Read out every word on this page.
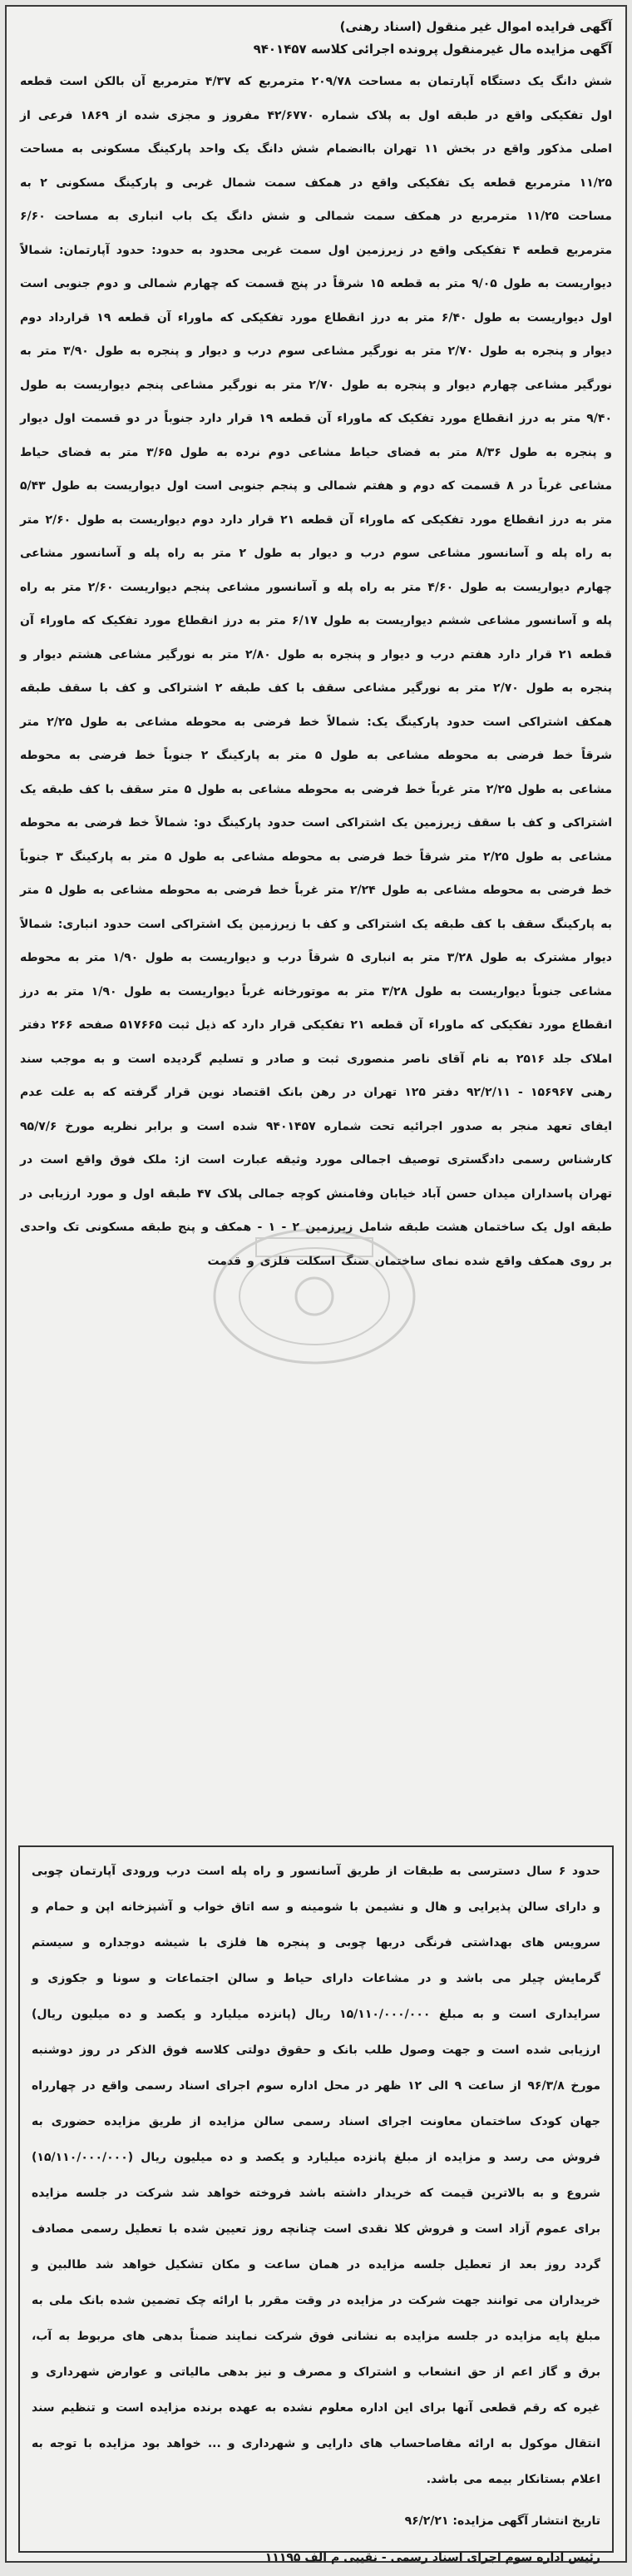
آگهی فرایده اموال غیر منقول (اسناد رهنی)
آگهی مزایده مال غیرمنقول پرونده اجرائی کلاسه ۹۴۰۱۴۵۷
شش دانگ یک دستگاه آپارتمان به مساحت ۲۰۹/۷۸ مترمربع که ۴/۳۷ مترمربع آن بالکن است قطعه اول تفکیکی واقع در طبقه اول به پلاک شماره ۴۲/۶۷۷۰ مفروز و مجزی شده از ۱۸۶۹ فرعی از اصلی مذکور واقع در بخش ۱۱ تهران باانضمام شش دانگ یک واحد پارکینگ مسکونی به مساحت ۱۱/۲۵ مترمربع قطعه یک تفکیکی واقع در همکف سمت شمال غربی و پارکینگ مسکونی ۲ به مساحت ۱۱/۲۵ مترمربع در همکف سمت شمالی و شش دانگ یک باب انباری به مساحت ۶/۶۰ مترمربع قطعه ۴ تفکیکی واقع در زیرزمین اول سمت غربی محدود به حدود: حدود آپارتمان: شمالاً دیواریست به طول ۹/۰۵ متر به قطعه ۱۵ شرقاً در پنج قسمت که چهارم شمالی و دوم جنوبی است اول دیواریست به طول ۶/۴۰ متر به درز انقطاع مورد تفکیکی که ماوراء آن قطعه ۱۹ قرارداد دوم دیوار و پنجره به طول ۲/۷۰ متر به نورگیر مشاعی سوم درب و دیوار و پنجره به طول ۳/۹۰ متر به نورگیر مشاعی چهارم دیوار و پنجره به طول ۲/۷۰ متر به نورگیر مشاعی پنجم دیواریست به طول ۹/۴۰ متر به درز انقطاع مورد تفکیک که ماوراء آن قطعه ۱۹ قرار دارد جنوباً در دو قسمت اول دیوار و پنجره به طول ۸/۳۶ متر به فضای حیاط مشاعی دوم نرده به طول ۳/۶۵ متر به فضای حیاط مشاعی غرباً در ۸ قسمت که دوم و هفتم شمالی و پنجم جنوبی است اول دیواریست به طول ۵/۴۳ متر به درز انقطاع مورد تفکیکی که ماوراء آن قطعه ۲۱ قرار دارد دوم دیواریست به طول ۲/۶۰ متر به راه پله و آسانسور مشاعی سوم درب و دیوار به طول ۲ متر به راه پله و آسانسور مشاعی چهارم دیواریست به طول ۴/۶۰ متر به راه پله و آسانسور مشاعی پنجم دیواریست ۲/۶۰ متر به راه پله و آسانسور مشاعی ششم دیواریست به طول ۶/۱۷ متر به درز انقطاع مورد تفکیک که ماوراء آن قطعه ۲۱ قرار دارد هفتم درب و دیوار و پنجره به طول ۲/۸۰ متر به نورگیر مشاعی هشتم دیوار و پنجره به طول ۲/۷۰ متر به نورگیر مشاعی سقف با کف طبقه ۲ اشتراکی و کف با سقف طبقه همکف اشتراکی است حدود پارکینگ یک: شمالاً خط فرضی به محوطه مشاعی به طول ۲/۲۵ متر شرقاً خط فرضی به محوطه مشاعی به طول ۵ متر به پارکینگ ۲ جنوباً خط فرضی به محوطه مشاعی به طول ۲/۲۵ متر غرباً خط فرضی به محوطه مشاعی به طول ۵ متر سقف با کف طبقه یک اشتراکی و کف با سقف زیرزمین یک اشتراکی است حدود پارکینگ دو: شمالاً خط فرضی به محوطه مشاعی به طول ۲/۲۵ متر شرقاً خط فرضی به محوطه مشاعی به طول ۵ متر به پارکینگ ۳ جنوباً خط فرضی به محوطه مشاعی به طول ۲/۲۴ متر غرباً خط فرضی به محوطه مشاعی به طول ۵ متر به پارکینگ سقف با کف طبقه یک اشتراکی و کف با زیرزمین یک اشتراکی است حدود انباری: شمالاً دیوار مشترک به طول ۳/۲۸ متر به انباری ۵ شرقاً درب و دیواریست به طول ۱/۹۰ متر به محوطه مشاعی جنوباً دیواریست به طول ۳/۲۸ متر به موتورخانه غرباً دیواریست به طول ۱/۹۰ متر به درز انقطاع مورد تفکیکی که ماوراء آن قطعه ۲۱ تفکیکی قرار دارد که ذیل ثبت ۵۱۷۶۶۵ صفحه ۲۶۶ دفتر املاک جلد ۲۵۱۶ به نام آقای ناصر منصوری ثبت و صادر و تسلیم گردیده است و به موجب سند رهنی ۱۵۶۹۶۷ - ۹۲/۲/۱۱ دفتر ۱۲۵ تهران در رهن بانک اقتصاد نوین قرار گرفته که به علت عدم ایفای تعهد منجر به صدور اجرائیه تحت شماره ۹۴۰۱۴۵۷ شده است و برابر نظریه مورخ ۹۵/۷/۶ کارشناس رسمی دادگستری توصیف اجمالی مورد وثیقه عبارت است از: ملک فوق واقع است در تهران پاسداران میدان حسن آباد خیابان وفامنش کوچه جمالی پلاک ۴۷ طبقه اول و مورد ارزیابی در طبقه اول یک ساختمان هشت طبقه شامل زیرزمین ۲ - ۱ - همکف و پنج طبقه مسکونی تک واحدی بر روی همکف واقع شده نمای ساختمان سنگ اسکلت فلزی و قدمت
حدود ۶ سال دسترسی به طبقات از طریق آسانسور و راه پله است درب ورودی آپارتمان چوبی و دارای سالن پذیرایی و هال و نشیمن با شومینه و سه اتاق خواب و آشپزخانه اپن و حمام و سرویس های بهداشتی فرنگی دربها چوبی و پنجره ها فلزی با شیشه دوجداره و سیستم گرمایش چیلر می باشد و در مشاعات دارای حیاط و سالن اجتماعات و سونا و جکوزی و سرایداری است و به مبلغ ۱۵/۱۱۰/۰۰۰/۰۰۰ ریال (پانزده میلیارد و یکصد و ده میلیون ریال) ارزیابی شده است و جهت وصول طلب بانک و حقوق دولتی کلاسه فوق الذکر در روز دوشنبه مورخ ۹۶/۳/۸ از ساعت ۹ الی ۱۲ ظهر در محل اداره سوم اجرای اسناد رسمی واقع در چهارراه جهان کودک ساختمان معاونت اجرای اسناد رسمی سالن مزایده از طریق مزایده حضوری به فروش می رسد و مزایده از مبلغ پانزده میلیارد و یکصد و ده میلیون ریال (۱۵/۱۱۰/۰۰۰/۰۰۰) شروع و به بالاترین قیمت که خریدار داشته باشد فروخته خواهد شد شرکت در جلسه مزایده برای عموم آزاد است و فروش کلا نقدی است چنانچه روز تعیین شده با تعطیل رسمی مصادف گردد روز بعد از تعطیل جلسه مزایده در همان ساعت و مکان تشکیل خواهد شد طالبین و خریداران می توانند جهت شرکت در مزایده در وقت مقرر با ارائه چک تضمین شده بانک ملی به مبلغ پایه مزایده در جلسه مزایده به نشانی فوق شرکت نمایند ضمناً بدهی های مربوط به آب، برق و گاز اعم از حق انشعاب و اشتراک و مصرف و نیز بدهی مالیاتی و عوارض شهرداری و غیره که رقم قطعی آنها برای این اداره معلوم نشده به عهده برنده مزایده است و تنظیم سند انتقال موکول به ارائه مفاصاحساب های دارایی و شهرداری و ... خواهد بود مزایده با توجه به اعلام بستانکار بیمه می باشد.
تاریخ انتشار آگهی مزایده: ۹۶/۲/۲۱
رئیس اداره سوم اجرای اسناد رسمی - نقیبی م الف ۱۱۱۹۵
